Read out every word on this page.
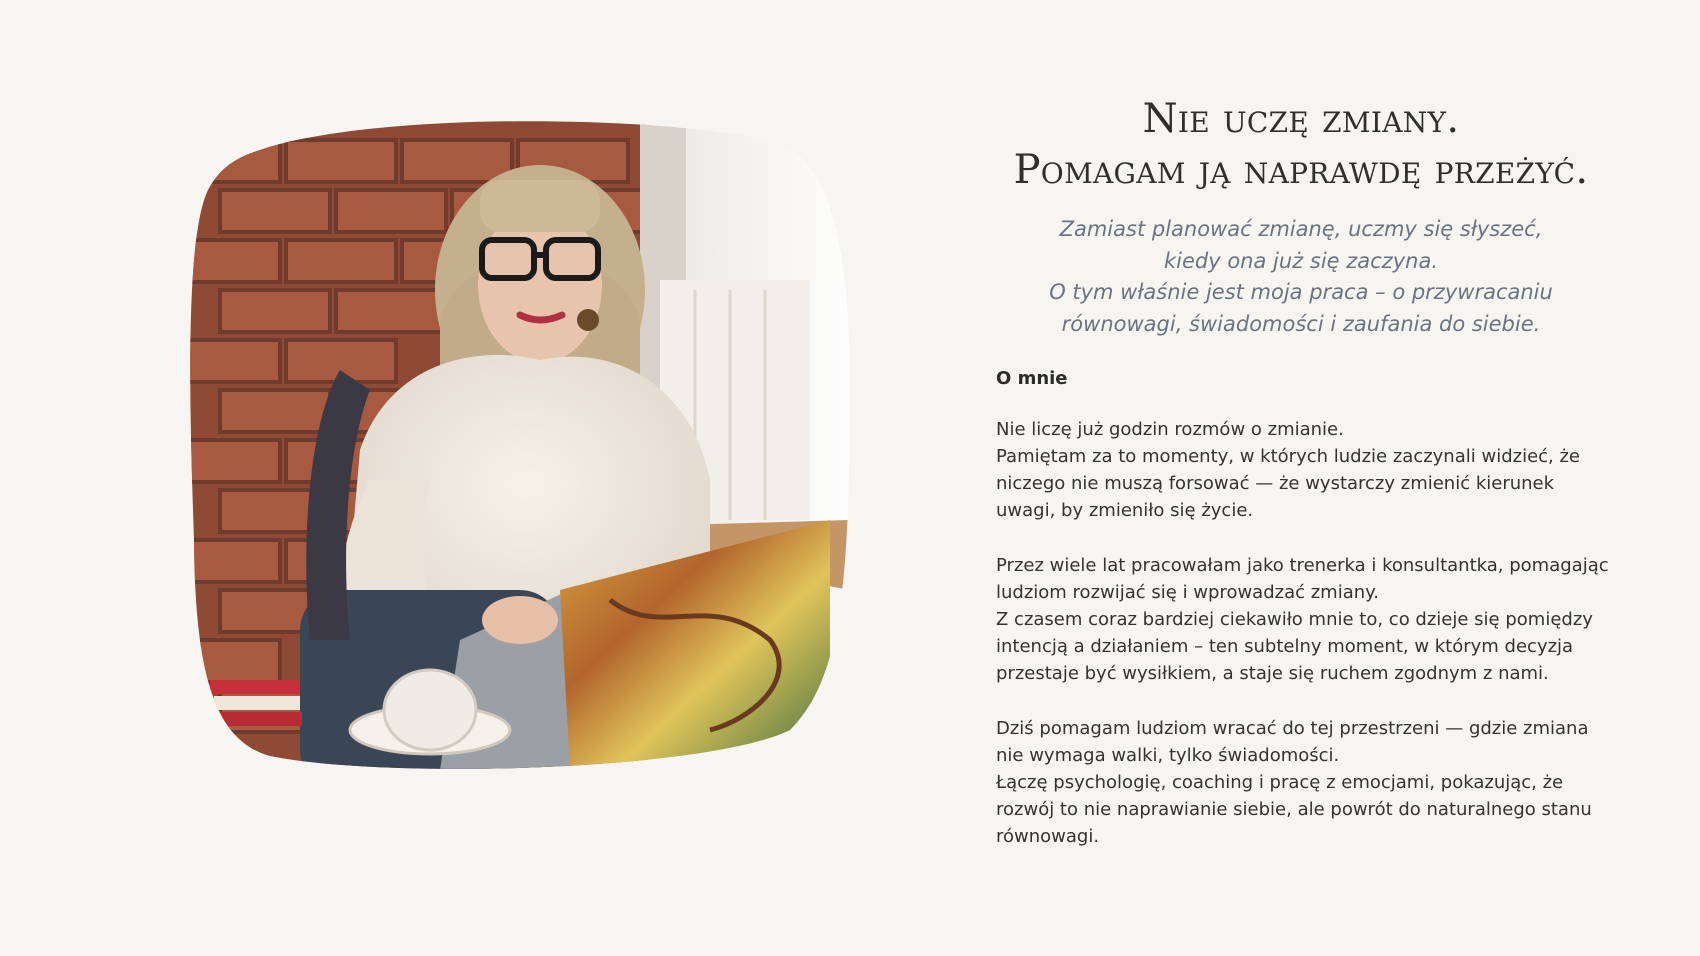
Nie uczę zmiany.
Pomagam ją naprawdę przeżyć.

Zamiast planować zmianę, uczmy się słyszeć,
kiedy ona już się zaczyna.
O tym właśnie jest moja praca – o przywracaniu
równowagi, świadomości i zaufania do siebie.

O mnie

Nie liczę już godzin rozmów o zmianie.
Pamiętam za to momenty, w których ludzie zaczynali widzieć, że
niczego nie muszą forsować — że wystarczy zmienić kierunek
uwagi, by zmieniło się życie.

Przez wiele lat pracowałam jako trenerka i konsultantka, pomagając
ludziom rozwijać się i wprowadzać zmiany.
Z czasem coraz bardziej ciekawiło mnie to, co dzieje się pomiędzy
intencją a działaniem – ten subtelny moment, w którym decyzja
przestaje być wysiłkiem, a staje się ruchem zgodnym z nami.

Dziś pomagam ludziom wracać do tej przestrzeni — gdzie zmiana
nie wymaga walki, tylko świadomości.
Łączę psychologię, coaching i pracę z emocjami, pokazując, że
rozwój to nie naprawianie siebie, ale powrót do naturalnego stanu
równowagi.
